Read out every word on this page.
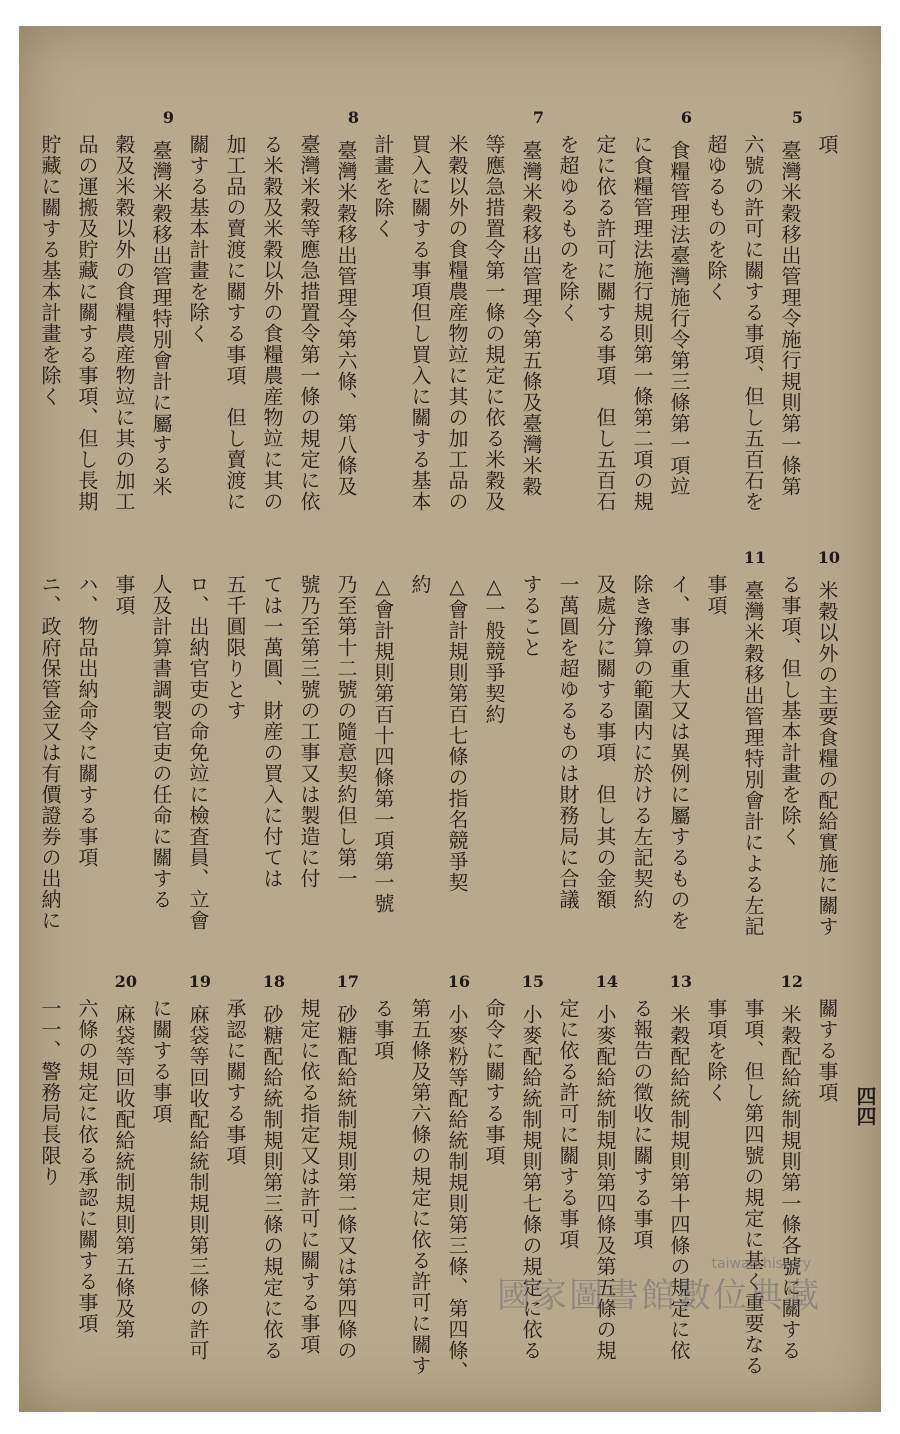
項
5
臺灣米穀移出管理令施行規則第一條第
六號の許可に關する事項、但し五百石を
超ゆるものを除く
6
食糧管理法臺灣施行令第三條第一項竝
に食糧管理法施行規則第一條第二項の規
定に依る許可に關する事項　但し五百石
を超ゆるものを除く
7
臺灣米穀移出管理令第五條及臺灣米穀
等應急措置令第一條の規定に依る米穀及
米穀以外の食糧農産物竝に其の加工品の
買入に關する事項但し買入に關する基本
計畫を除く
8
臺灣米穀移出管理令第六條、第八條及
臺灣米穀等應急措置令第一條の規定に依
る米穀及米穀以外の食糧農産物竝に其の
加工品の賣渡に關する事項　但し賣渡に
關する基本計畫を除く
9
臺灣米穀移出管理特別會計に屬する米
穀及米穀以外の食糧農産物竝に其の加工
品の運搬及貯藏に關する事項、但し長期
貯藏に關する基本計畫を除く
10
米穀以外の主要食糧の配給實施に關す
る事項、但し基本計畫を除く
11
臺灣米穀移出管理特別會計による左記
事項
イ、事の重大又は異例に屬するものを
除き豫算の範圍内に於ける左記契約
及處分に關する事項　但し其の金額
一萬圓を超ゆるものは財務局に合議
すること
△一般競爭契約
△會計規則第百七條の指名競爭契
約
△會計規則第百十四條第一項第一號
乃至第十二號の隨意契約但し第一
號乃至第三號の工事又は製造に付
ては一萬圓、財産の買入に付ては
五千圓限りとす
ロ、出納官吏の命免竝に檢査員、立會
人及計算書調製官吏の任命に關する
事項
ハ、物品出納命令に關する事項
ニ、政府保管金又は有價證券の出納に
關する事項
12
米穀配給統制規則第一條各號に關する
事項、但し第四號の規定に基く重要なる
事項を除く
13
米穀配給統制規則第十四條の規定に依
る報告の徵收に關する事項
14
小麥配給統制規則第四條及第五條の規
定に依る許可に關する事項
15
小麥配給統制規則第七條の規定に依る
命令に關する事項
16
小麥粉等配給統制規則第三條、第四條、
第五條及第六條の規定に依る許可に關す
る事項
17
砂糖配給統制規則第二條又は第四條の
規定に依る指定又は許可に關する事項
18
砂糖配給統制規則第三條の規定に依る
承認に關する事項
19
麻袋等回收配給統制規則第三條の許可
に關する事項
20
麻袋等回收配給統制規則第五條及第
六條の規定に依る承認に關する事項
一一、警務局長限り	四四
taiwan.history
國家圖書館數位典藏
